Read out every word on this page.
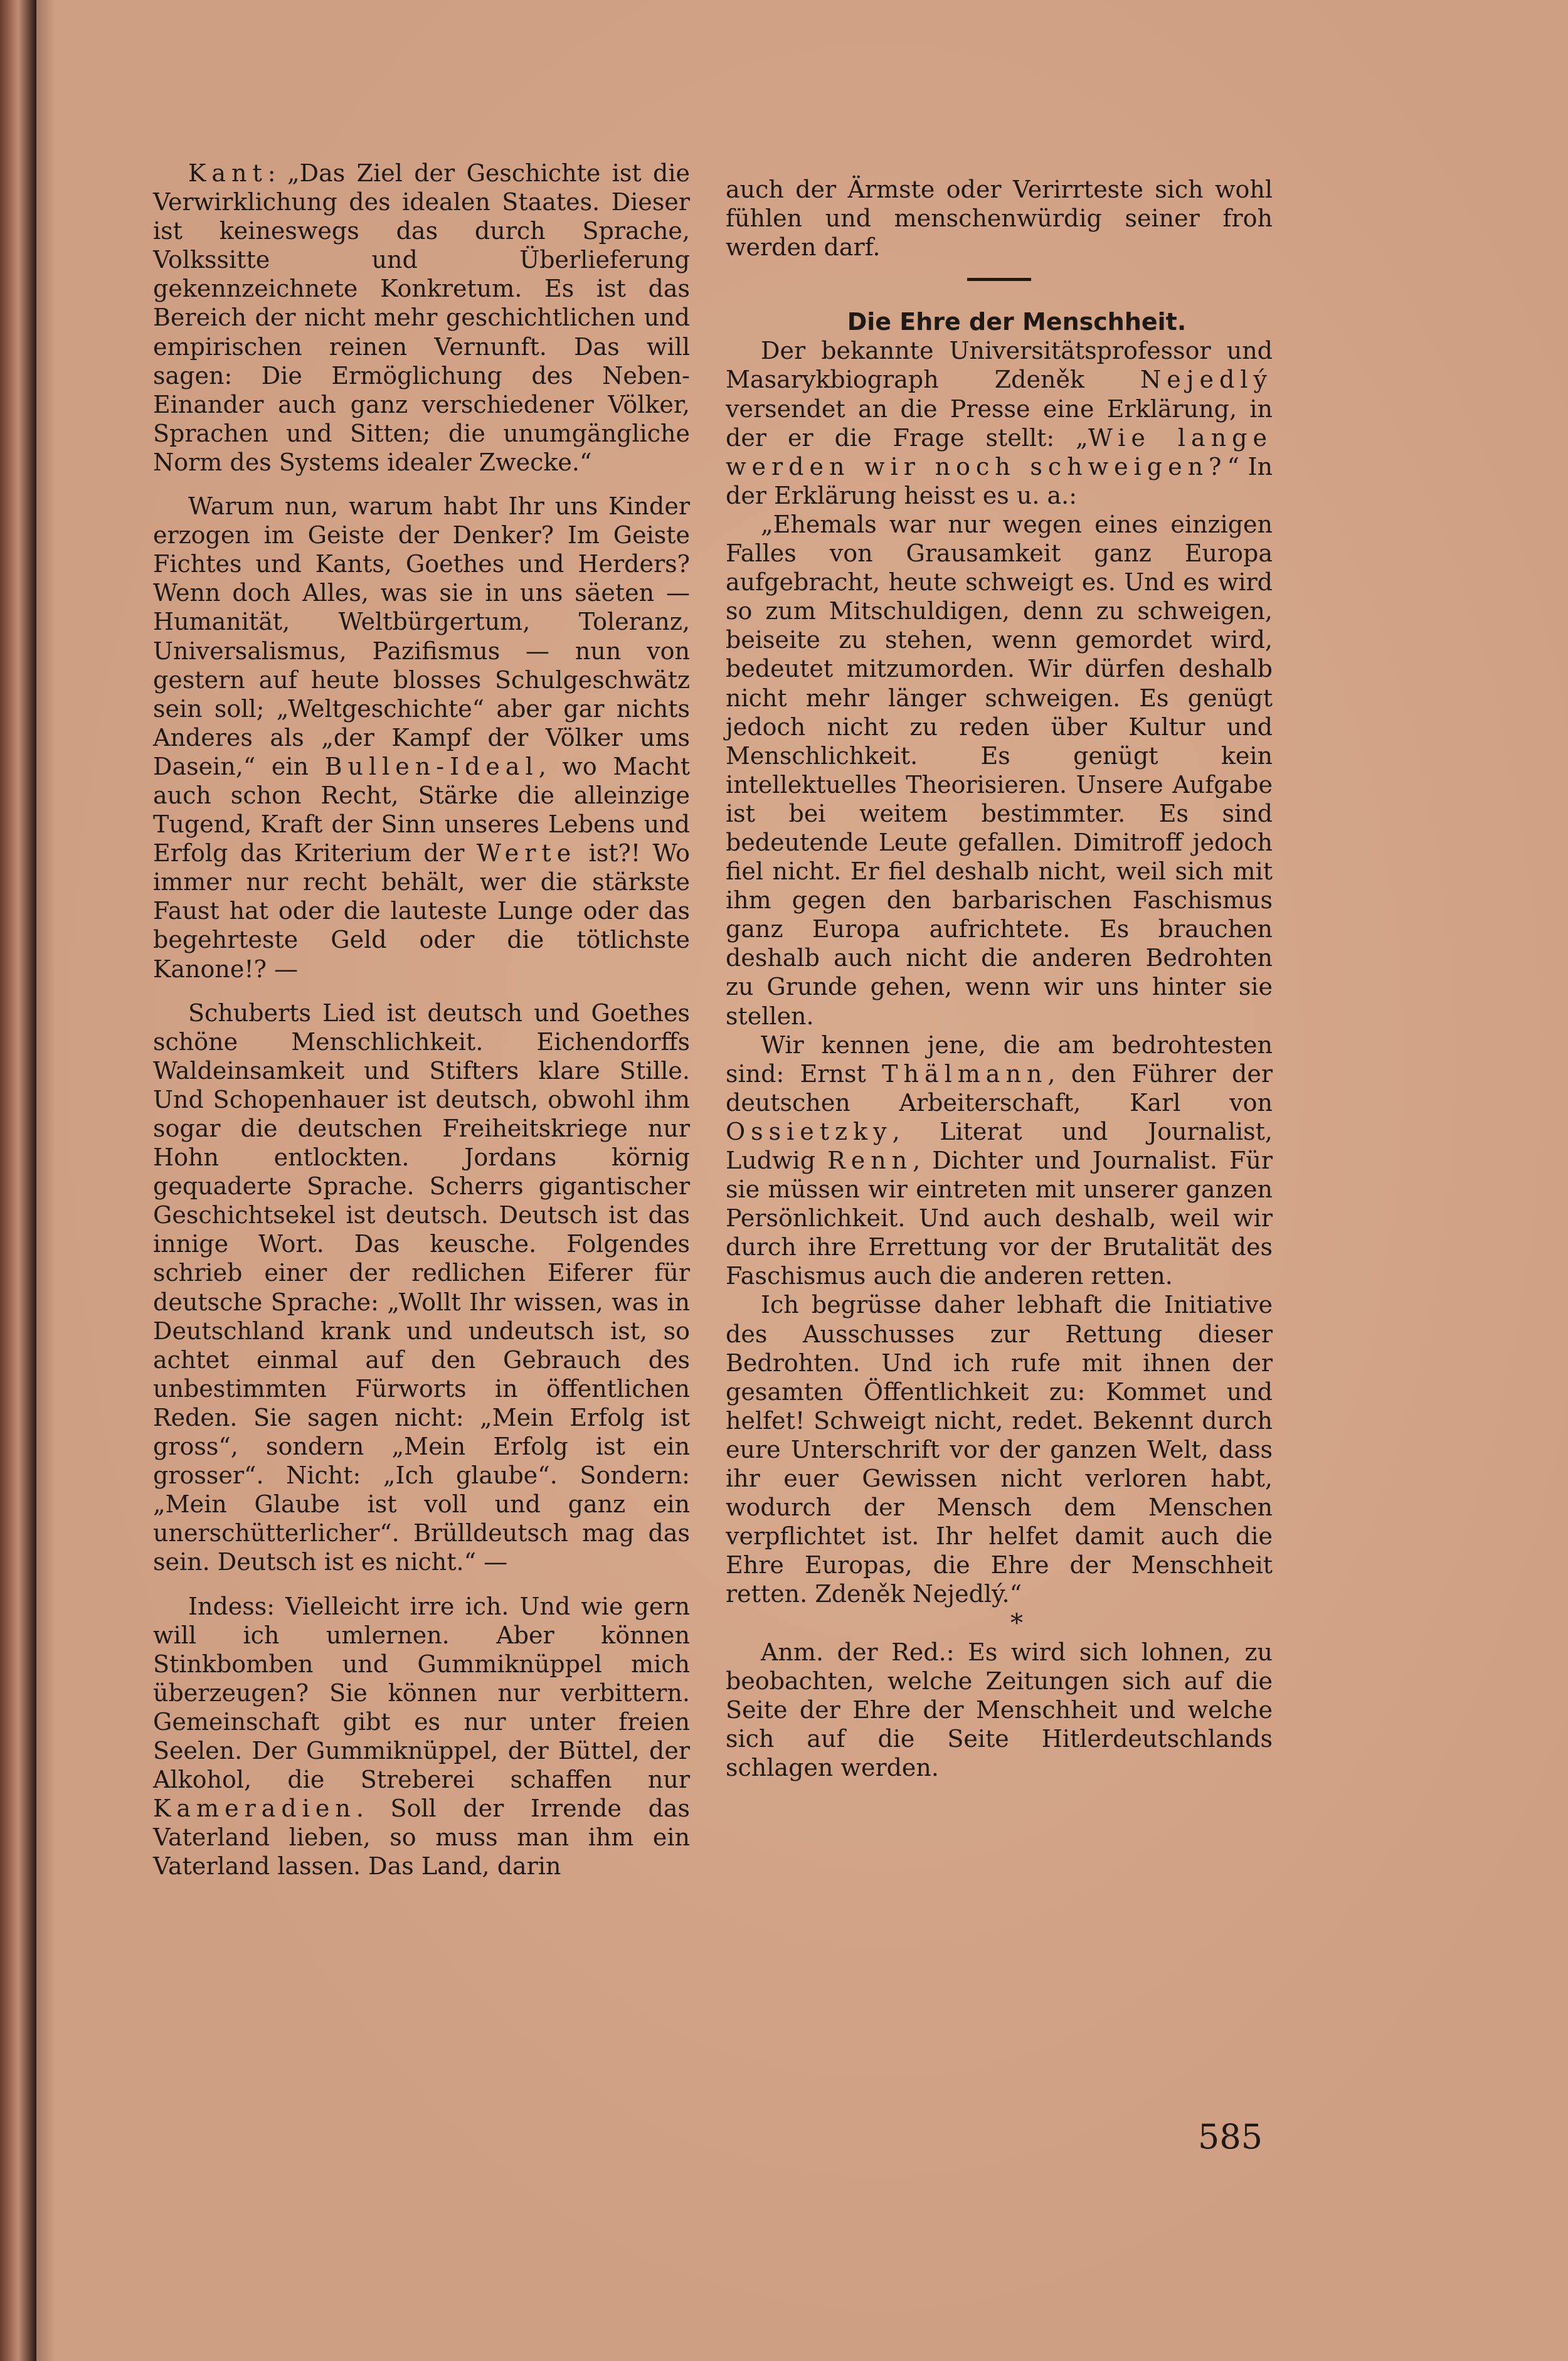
Kant: „Das Ziel der Geschichte ist die Verwirklichung des idealen Staates. Dieser ist keineswegs das durch Sprache, Volkssitte und Überlieferung gekennzeichnete Konkretum. Es ist das Bereich der nicht mehr geschichtlichen und empirischen reinen Vernunft. Das will sagen: Die Ermöglichung des Neben-Einander auch ganz verschiedener Völker, Sprachen und Sitten; die unumgängliche Norm des Systems idealer Zwecke.“

Warum nun, warum habt Ihr uns Kinder erzogen im Geiste der Denker? Im Geiste Fichtes und Kants, Goethes und Herders? Wenn doch Alles, was sie in uns säeten — Humanität, Weltbürgertum, Toleranz, Universalismus, Pazifismus — nun von gestern auf heute blosses Schulgeschwätz sein soll; „Weltgeschichte“ aber gar nichts Anderes als „der Kampf der Völker ums Dasein,“ ein Bullen-Ideal, wo Macht auch schon Recht, Stärke die alleinzige Tugend, Kraft der Sinn unseres Lebens und Erfolg das Kriterium der Werte ist?! Wo immer nur recht behält, wer die stärkste Faust hat oder die lauteste Lunge oder das begehrteste Geld oder die tötlichste Kanone!? —

Schuberts Lied ist deutsch und Goethes schöne Menschlichkeit. Eichendorffs Waldeinsamkeit und Stifters klare Stille. Und Schopenhauer ist deutsch, obwohl ihm sogar die deutschen Freiheitskriege nur Hohn entlockten. Jordans körnig gequaderte Sprache. Scherrs gigantischer Geschichtsekel ist deutsch. Deutsch ist das innige Wort. Das keusche. Folgendes schrieb einer der redlichen Eiferer für deutsche Sprache: „Wollt Ihr wissen, was in Deutschland krank und undeutsch ist, so achtet einmal auf den Gebrauch des unbestimmten Fürworts in öffentlichen Reden. Sie sagen nicht: „Mein Erfolg ist gross“, sondern „Mein Erfolg ist ein grosser“. Nicht: „Ich glaube“. Sondern: „Mein Glaube ist voll und ganz ein unerschütterlicher“. Brülldeutsch mag das sein. Deutsch ist es nicht.“ —

Indess: Vielleicht irre ich. Und wie gern will ich umlernen. Aber können Stinkbomben und Gummiknüppel mich überzeugen? Sie können nur verbittern. Gemeinschaft gibt es nur unter freien Seelen. Der Gummiknüppel, der Büttel, der Alkohol, die Streberei schaffen nur Kameradien. Soll der Irrende das Vaterland lieben, so muss man ihm ein Vaterland lassen. Das Land, darin

auch der Ärmste oder Verirrteste sich wohl fühlen und menschenwürdig seiner froh werden darf.

Die Ehre der Menschheit.

Der bekannte Universitätsprofessor und Masarykbiograph Zdeněk Nejedlý versendet an die Presse eine Erklärung, in der er die Frage stellt: „Wie lange werden wir noch schweigen?“ In der Erklärung heisst es u. a.:

„Ehemals war nur wegen eines einzigen Falles von Grausamkeit ganz Europa aufgebracht, heute schweigt es. Und es wird so zum Mitschuldigen, denn zu schweigen, beiseite zu stehen, wenn gemordet wird, bedeutet mitzumorden. Wir dürfen deshalb nicht mehr länger schweigen. Es genügt jedoch nicht zu reden über Kultur und Menschlichkeit. Es genügt kein intellektuelles Theorisieren. Unsere Aufgabe ist bei weitem bestimmter. Es sind bedeutende Leute gefallen. Dimitroff jedoch fiel nicht. Er fiel deshalb nicht, weil sich mit ihm gegen den barbarischen Faschismus ganz Europa aufrichtete. Es brauchen deshalb auch nicht die anderen Bedrohten zu Grunde gehen, wenn wir uns hinter sie stellen.

Wir kennen jene, die am bedrohtesten sind: Ernst Thälmann, den Führer der deutschen Arbeiterschaft, Karl von Ossietzky, Literat und Journalist, Ludwig Renn, Dichter und Journalist. Für sie müssen wir eintreten mit unserer ganzen Persönlichkeit. Und auch deshalb, weil wir durch ihre Errettung vor der Brutalität des Faschismus auch die anderen retten.

Ich begrüsse daher lebhaft die Initiative des Ausschusses zur Rettung dieser Bedrohten. Und ich rufe mit ihnen der gesamten Öffentlichkeit zu: Kommet und helfet! Schweigt nicht, redet. Bekennt durch eure Unterschrift vor der ganzen Welt, dass ihr euer Gewissen nicht verloren habt, wodurch der Mensch dem Menschen verpflichtet ist. Ihr helfet damit auch die Ehre Europas, die Ehre der Menschheit retten. Zdeněk Nejedlý.“

*

Anm. der Red.: Es wird sich lohnen, zu beobachten, welche Zeitungen sich auf die Seite der Ehre der Menschheit und welche sich auf die Seite Hitlerdeutschlands schlagen werden.

585
